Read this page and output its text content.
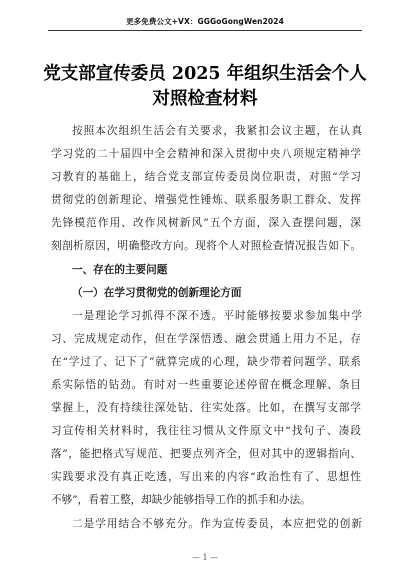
更多免费公文+VX：GGGoGongWen2024
党支部宣传委员 2025 年组织生活会个人
对照检查材料
按照本次组织生活会有关要求，我紧扣会议主题，在认真
学习党的二十届四中全会精神和深入贯彻中央八项规定精神学
习教育的基础上，结合党支部宣传委员岗位职责，对照“学习
贯彻党的创新理论、增强党性锤炼、联系服务职工群众、发挥
先锋模范作用、改作风树新风”五个方面，深入查摆问题，深
刻剖析原因，明确整改方向。现将个人对照检查情况报告如下。
一、存在的主要问题
（一）在学习贯彻党的创新理论方面
一是理论学习抓得不深不透。平时能够按要求参加集中学
习、完成规定动作，但在学深悟透、融会贯通上用力不足，存
在“学过了、记下了”就算完成的心理，缺少带着问题学、联系
系实际悟的钻劲。有时对一些重要论述停留在概念理解、条目
掌握上，没有持续往深处钻、往实处落。比如，在撰写支部学
习宣传相关材料时，我往往习惯从文件原文中“找句子、凑段
落”，能把格式写规范、把要点列齐全，但对其中的逻辑指向、
实践要求没有真正吃透，写出来的内容“政治性有了、思想性
不够”，看着工整，却缺少能够指导工作的抓手和办法。
二是学用结合不够充分。作为宣传委员，本应把党的创新
— 1 —
